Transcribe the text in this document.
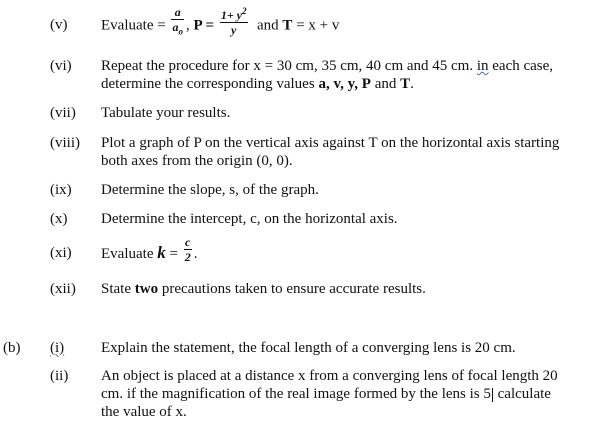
(v) Evaluate = $\frac{a}{a_o}$ , $P = \frac{1+ y^2}{y}$ and T = x + v
(vi) Repeat the procedure for x = 30 cm, 35 cm, 40 cm and 45 cm. in each case,
determine the corresponding values a, v, y, P and T.
(vii) Tabulate your results.
(viii) Plot a graph of P on the vertical axis against T on the horizontal axis starting
both axes from the origin (0, 0).
(ix) Determine the slope, s, of the graph.
(x) Determine the intercept, c, on the horizontal axis.
(xi) Evaluate $k = \frac{c}{2}$ .
(xii) State two precautions taken to ensure accurate results.
(b) (i) Explain the statement, the focal length of a converging lens is 20 cm.
(ii) An object is placed at a distance x from a converging lens of focal length 20
cm. if the magnification of the real image formed by the lens is 5 calculate
the value of x.
